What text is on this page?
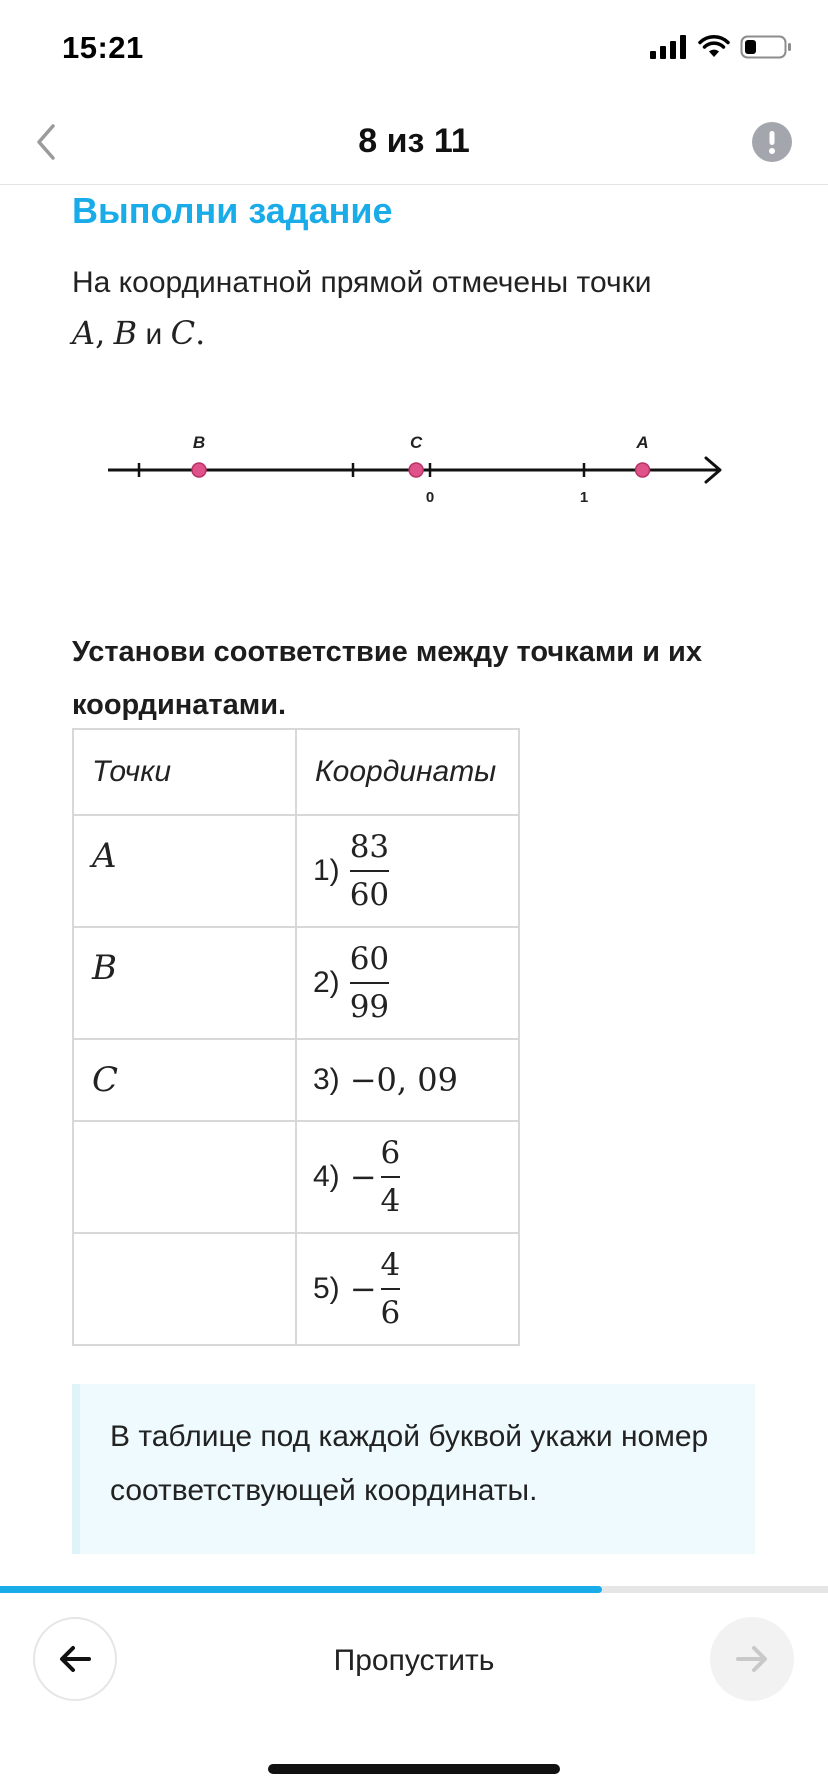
15:21
8 из 11
Выполни задание
На координатной прямой отмечены точки
A, B и C.
B	C	A
0	1
Установи соответствие между точками и их координатами.
Точки	Координаты

A	$1) \frac{83}{60}$

B	$2) \frac{60}{99}$

C	3) −0, 09

	$4) - \frac{6}{4}$

	$5) - \frac{4}{6}$
В таблице под каждой буквой укажи номер соответствующей координаты.
Пропустить
